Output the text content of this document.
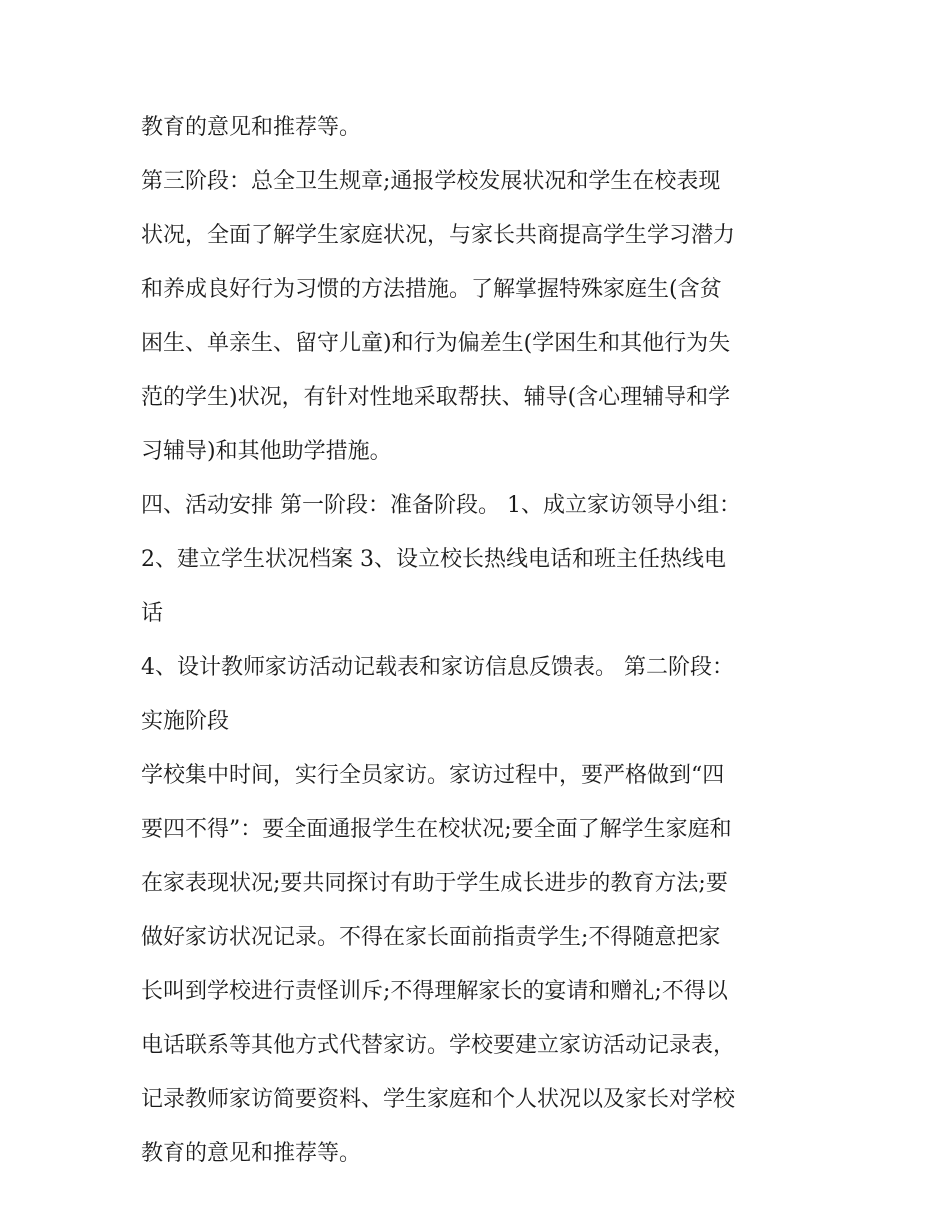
教育的意见和推荐等。

第三阶段：总全卫生规章;通报学校发展状况和学生在校表现

状况，全面了解学生家庭状况，与家长共商提高学生学习潜力

和养成良好行为习惯的方法措施。了解掌握特殊家庭生(含贫

困生、单亲生、留守儿童)和行为偏差生(学困生和其他行为失

范的学生)状况，有针对性地采取帮扶、辅导(含心理辅导和学

习辅导)和其他助学措施。

四、活动安排 第一阶段：准备阶段。 1、成立家访领导小组：

2、建立学生状况档案 3、设立校长热线电话和班主任热线电

话

4、设计教师家访活动记载表和家访信息反馈表。 第二阶段：

实施阶段

学校集中时间，实行全员家访。家访过程中，要严格做到“四

要四不得”：要全面通报学生在校状况;要全面了解学生家庭和

在家表现状况;要共同探讨有助于学生成长进步的教育方法;要

做好家访状况记录。不得在家长面前指责学生;不得随意把家

长叫到学校进行责怪训斥;不得理解家长的宴请和赠礼;不得以

电话联系等其他方式代替家访。学校要建立家访活动记录表，

记录教师家访简要资料、学生家庭和个人状况以及家长对学校

教育的意见和推荐等。
